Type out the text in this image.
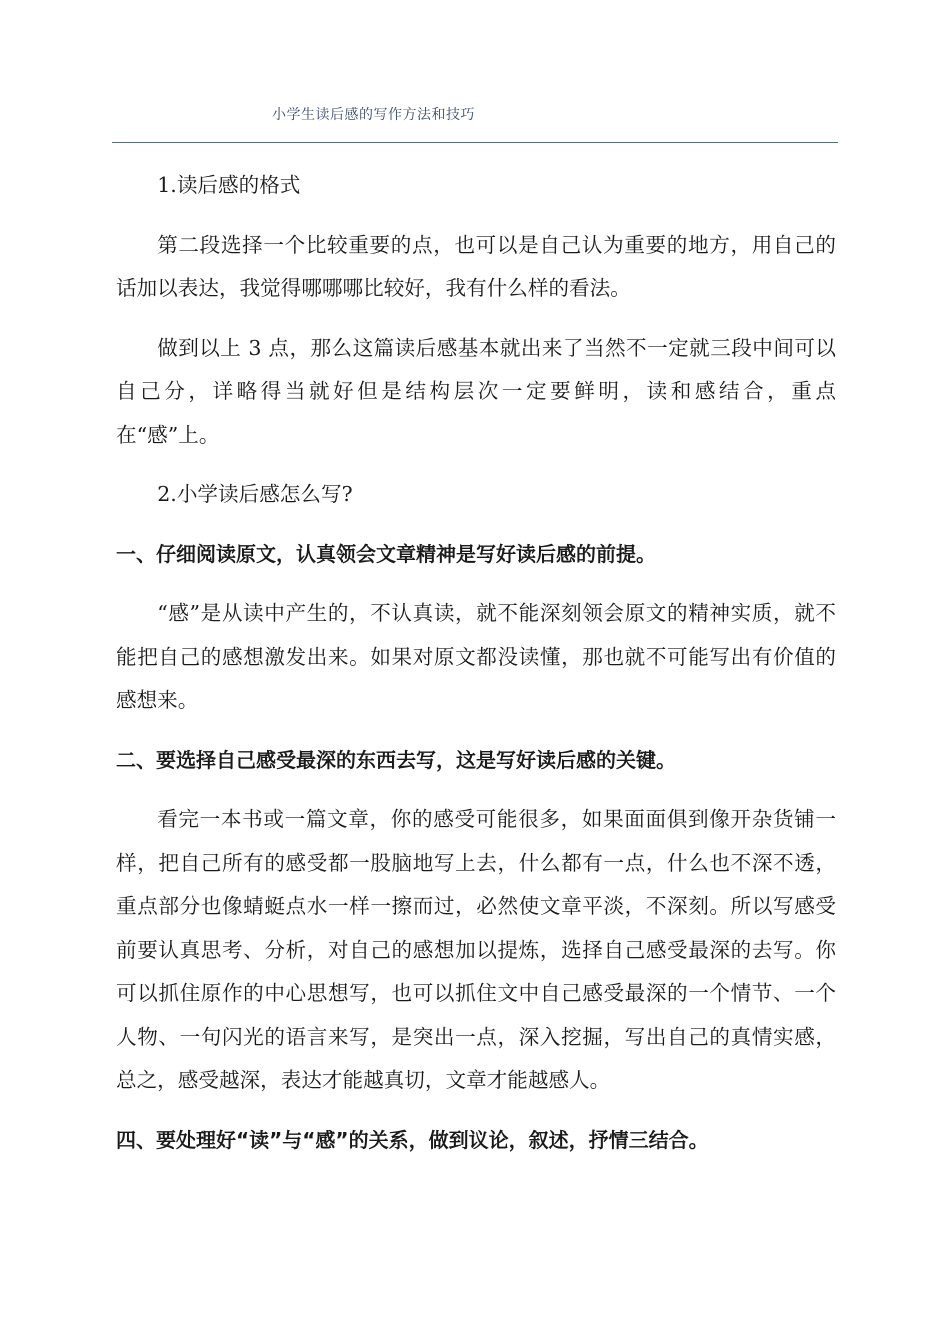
小学生读后感的写作方法和技巧

1.读后感的格式

第二段选择一个比较重要的点，也可以是自己认为重要的地方，用自己的话加以表达，我觉得哪哪哪比较好，我有什么样的看法。

做到以上 3 点，那么这篇读后感基本就出来了当然不一定就三段中间可以自己分，详略得当就好但是结构层次一定要鲜明，读和感结合，重点在“感”上。

2.小学读后感怎么写?

一、仔细阅读原文，认真领会文章精神是写好读后感的前提。

“感”是从读中产生的，不认真读，就不能深刻领会原文的精神实质，就不能把自己的感想激发出来。如果对原文都没读懂，那也就不可能写出有价值的感想来。

二、要选择自己感受最深的东西去写，这是写好读后感的关键。

看完一本书或一篇文章，你的感受可能很多，如果面面俱到像开杂货铺一样，把自己所有的感受都一股脑地写上去，什么都有一点，什么也不深不透，重点部分也像蜻蜓点水一样一擦而过，必然使文章平淡，不深刻。所以写感受前要认真思考、分析，对自己的感想加以提炼，选择自己感受最深的去写。你可以抓住原作的中心思想写，也可以抓住文中自己感受最深的一个情节、一个人物、一句闪光的语言来写，是突出一点，深入挖掘，写出自己的真情实感，总之，感受越深，表达才能越真切，文章才能越感人。

四、要处理好“读”与“感”的关系，做到议论，叙述，抒情三结合。
